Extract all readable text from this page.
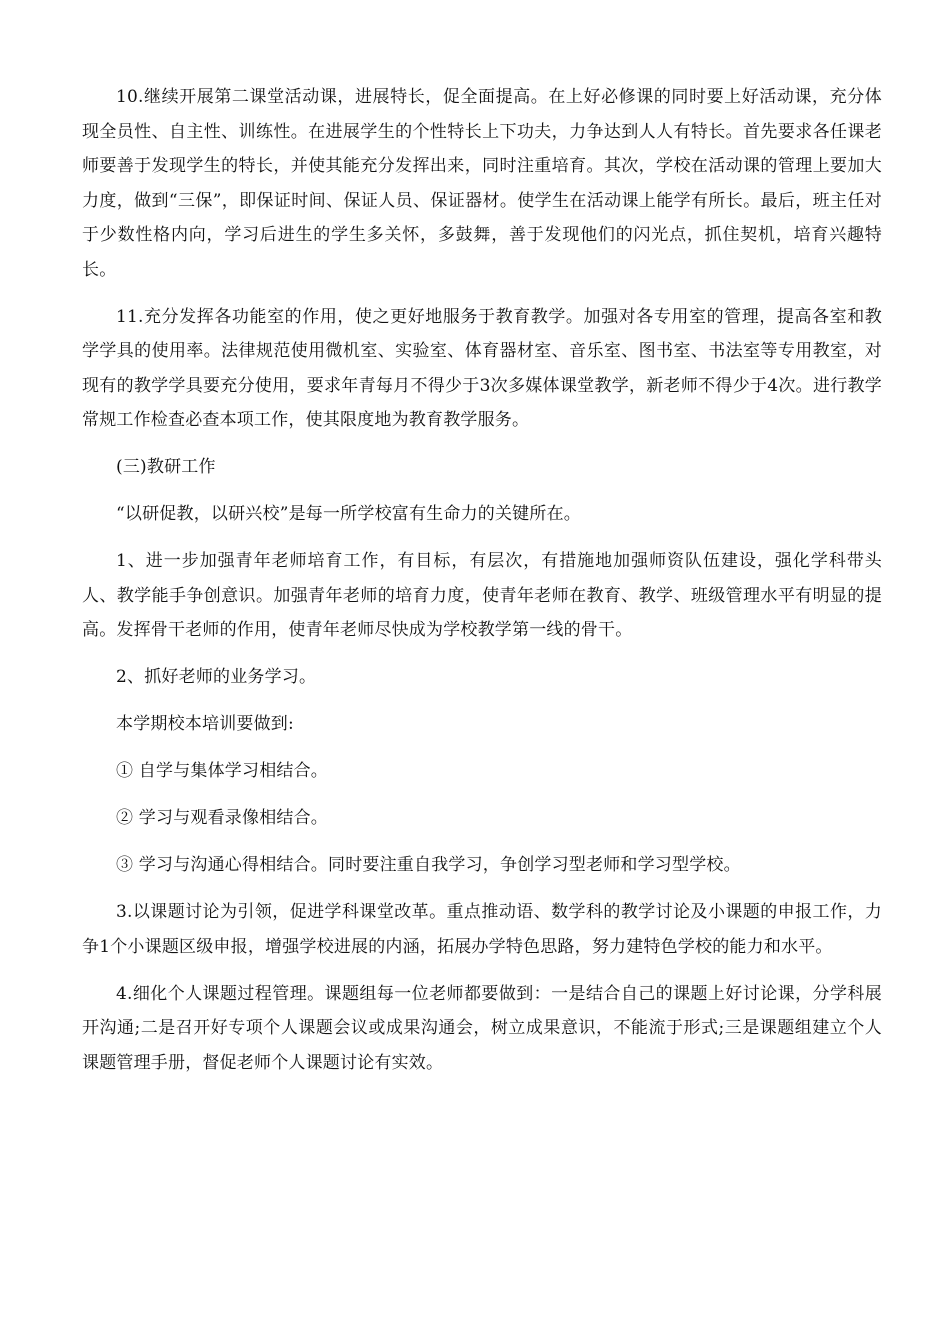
10.继续开展第二课堂活动课，进展特长，促全面提高。在上好必修课的同时要上好活动课，充分体现全员性、自主性、训练性。在进展学生的个性特长上下功夫，力争达到人人有特长。首先要求各任课老师要善于发现学生的特长，并使其能充分发挥出来，同时注重培育。其次，学校在活动课的管理上要加大力度，做到“三保”，即保证时间、保证人员、保证器材。使学生在活动课上能学有所长。最后，班主任对于少数性格内向，学习后进生的学生多关怀，多鼓舞，善于发现他们的闪光点，抓住契机，培育兴趣特长。

11.充分发挥各功能室的作用，使之更好地服务于教育教学。加强对各专用室的管理，提高各室和教学学具的使用率。法律规范使用微机室、实验室、体育器材室、音乐室、图书室、书法室等专用教室，对现有的教学学具要充分使用，要求年青每月不得少于3次多媒体课堂教学，新老师不得少于4次。进行教学常规工作检查必查本项工作，使其限度地为教育教学服务。

(三)教研工作

“以研促教，以研兴校”是每一所学校富有生命力的关键所在。

1、进一步加强青年老师培育工作，有目标，有层次，有措施地加强师资队伍建设，强化学科带头人、教学能手争创意识。加强青年老师的培育力度，使青年老师在教育、教学、班级管理水平有明显的提高。发挥骨干老师的作用，使青年老师尽快成为学校教学第一线的骨干。

2、抓好老师的业务学习。

本学期校本培训要做到:

① 自学与集体学习相结合。

② 学习与观看录像相结合。

③ 学习与沟通心得相结合。同时要注重自我学习，争创学习型老师和学习型学校。

3.以课题讨论为引领，促进学科课堂改革。重点推动语、数学科的教学讨论及小课题的申报工作，力争1个小课题区级申报，增强学校进展的内涵，拓展办学特色思路，努力建特色学校的能力和水平。

4.细化个人课题过程管理。课题组每一位老师都要做到：一是结合自己的课题上好讨论课，分学科展开沟通;二是召开好专项个人课题会议或成果沟通会，树立成果意识，不能流于形式;三是课题组建立个人课题管理手册，督促老师个人课题讨论有实效。
